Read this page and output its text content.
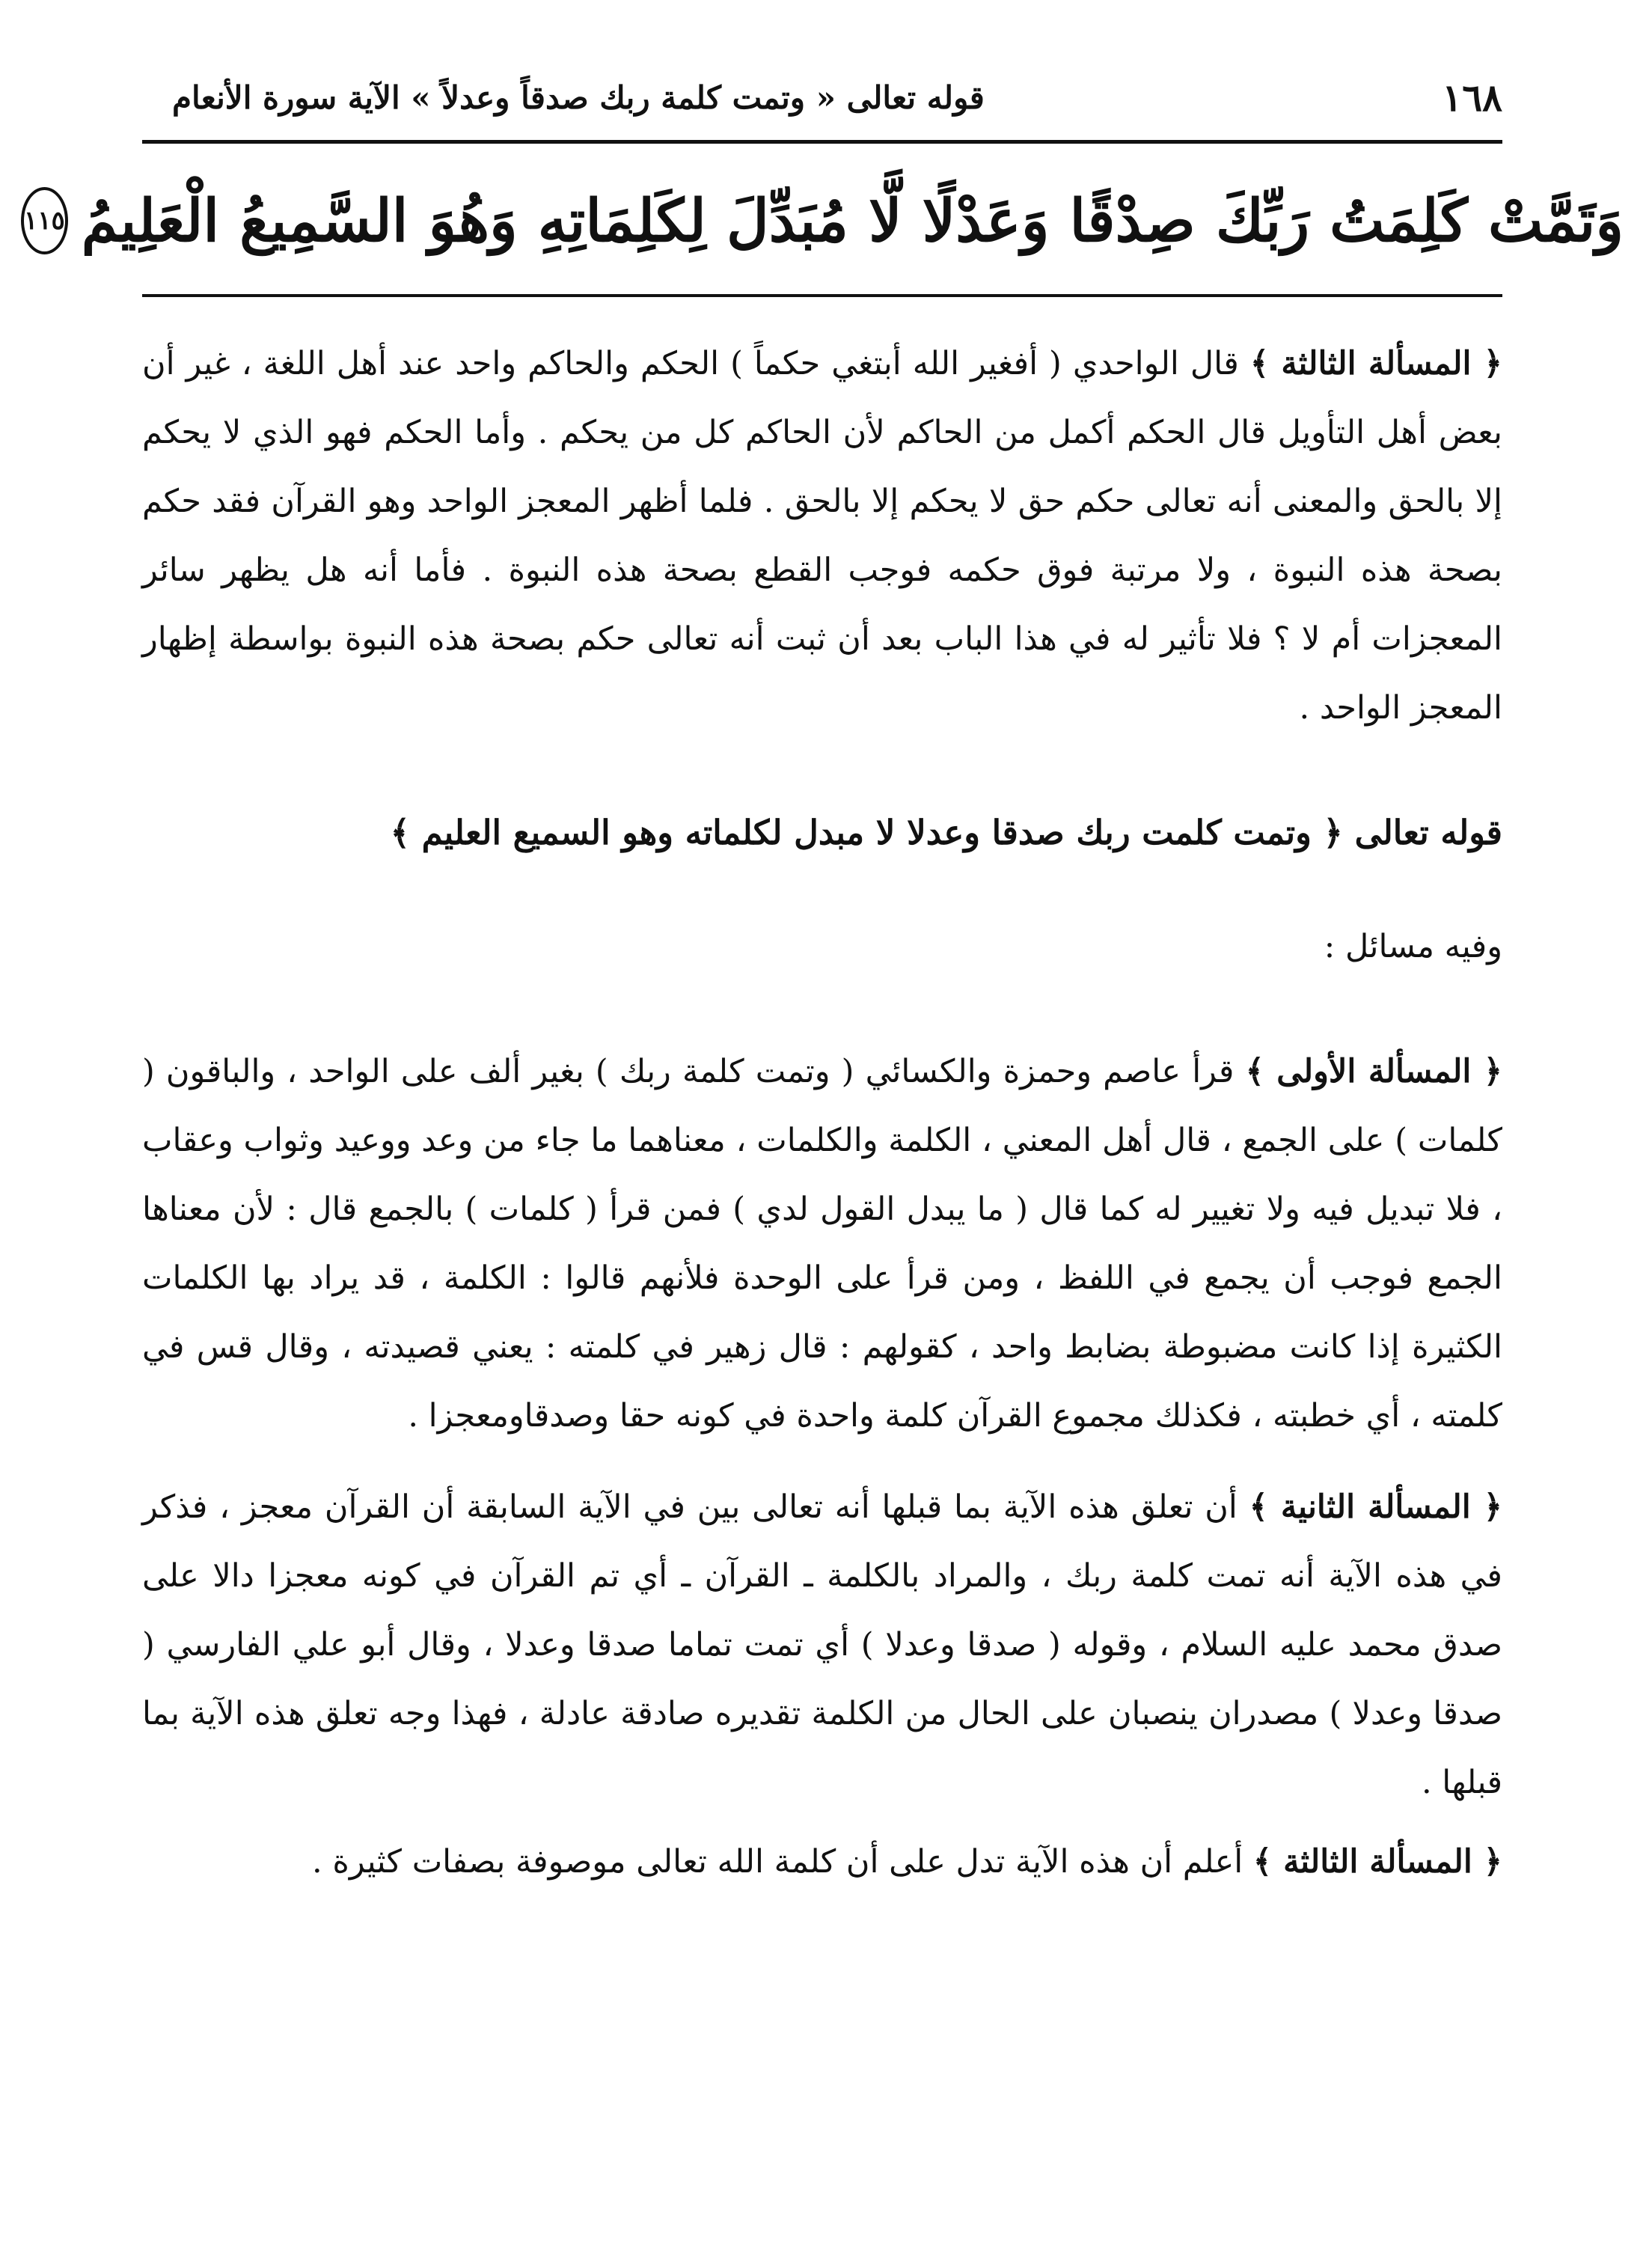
١٦٨
قوله تعالى « وتمت كلمة ربك صدقاً وعدلاً » الآية سورة الأنعام
وَتَمَّتْ كَلِمَتُ رَبِّكَ صِدْقًا وَعَدْلًا لَّا مُبَدِّلَ لِكَلِمَاتِهِ وَهُوَ السَّمِيعُ الْعَلِيمُ
١١٥

﴿ المسألة الثالثة ﴾ قال الواحدي ( أفغير الله أبتغي حكماً ) الحكم والحاكم واحد عند أهل اللغة ، غير أن بعض أهل التأويل قال الحكم أكمل من الحاكم لأن الحاكم كل من يحكم . وأما الحكم فهو الذي لا يحكم إلا بالحق والمعنى أنه تعالى حكم حق لا يحكم إلا بالحق . فلما أظهر المعجز الواحد وهو القرآن فقد حكم بصحة هذه النبوة ، ولا مرتبة فوق حكمه فوجب القطع بصحة هذه النبوة . فأما أنه هل يظهر سائر المعجزات أم لا ؟ فلا تأثير له في هذا الباب بعد أن ثبت أنه تعالى حكم بصحة هذه النبوة بواسطة إظهار المعجز الواحد .

قوله تعالى ﴿ وتمت كلمت ربك صدقا وعدلا لا مبدل لكلماته وهو السميع العليم ﴾

وفيه مسائل :

﴿ المسألة الأولى ﴾ قرأ عاصم وحمزة والكسائي ( وتمت كلمة ربك ) بغير ألف على الواحد ، والباقون ( كلمات ) على الجمع ، قال أهل المعني ، الكلمة والكلمات ، معناهما ما جاء من وعد ووعيد وثواب وعقاب ، فلا تبديل فيه ولا تغيير له كما قال ( ما يبدل القول لدي ) فمن قرأ ( كلمات ) بالجمع قال : لأن معناها الجمع فوجب أن يجمع في اللفظ ، ومن قرأ على الوحدة فلأنهم قالوا : الكلمة ، قد يراد بها الكلمات الكثيرة إذا كانت مضبوطة بضابط واحد ، كقولهم : قال زهير في كلمته : يعني قصيدته ، وقال قس في كلمته ، أي خطبته ، فكذلك مجموع القرآن كلمة واحدة في كونه حقا وصدقاومعجزا .

﴿ المسألة الثانية ﴾ أن تعلق هذه الآية بما قبلها أنه تعالى بين في الآية السابقة أن القرآن معجز ، فذكر في هذه الآية أنه تمت كلمة ربك ، والمراد بالكلمة ـ القرآن ـ أي تم القرآن في كونه معجزا دالا على صدق محمد عليه السلام ، وقوله ( صدقا وعدلا ) أي تمت تماما صدقا وعدلا ، وقال أبو علي الفارسي ( صدقا وعدلا ) مصدران ينصبان على الحال من الكلمة تقديره صادقة عادلة ، فهذا وجه تعلق هذه الآية بما قبلها .

﴿ المسألة الثالثة ﴾ أعلم أن هذه الآية تدل على أن كلمة الله تعالى موصوفة بصفات كثيرة .
